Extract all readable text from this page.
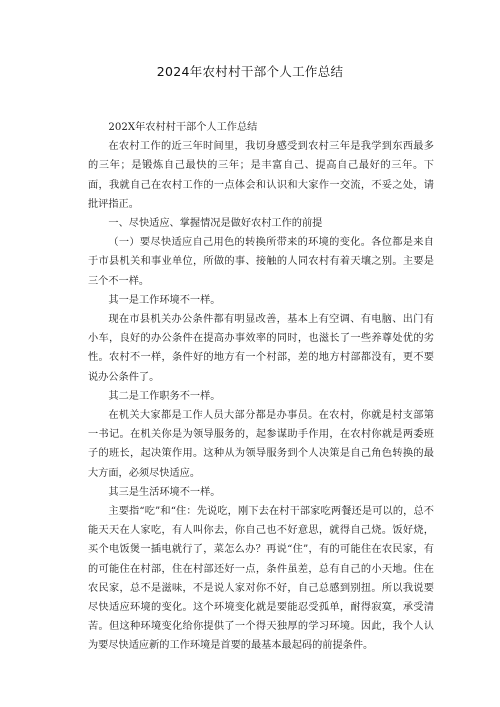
2024年农村村干部个人工作总结

202X年农村村干部个人工作总结

在农村工作的近三年时间里，我切身感受到农村三年是我学到东西最多的三年；是锻炼自己最快的三年；是丰富自己、提高自己最好的三年。下面，我就自己在农村工作的一点体会和认识和大家作一交流，不妥之处，请批评指正。

一、尽快适应、掌握情况是做好农村工作的前提

（一）要尽快适应自己用色的转换所带来的环境的变化。各位都是来自于市县机关和事业单位，所做的事、接触的人同农村有着天壤之别。主要是三个不一样。

其一是工作环境不一样。

现在市县机关办公条件都有明显改善，基本上有空调、有电脑、出门有小车，良好的办公条件在提高办事效率的同时，也滋长了一些养尊处优的劣性。农村不一样，条件好的地方有一个村部，差的地方村部都没有，更不要说办公条件了。

其二是工作职务不一样。

在机关大家都是工作人员大部分都是办事员。在农村，你就是村支部第一书记。在机关你是为领导服务的，起参谋助手作用，在农村你就是两委班子的班长，起决策作用。这种从为领导服务到个人决策是自己角色转换的最大方面，必须尽快适应。

其三是生活环境不一样。

主要指“吃”和“住：先说吃，刚下去在村干部家吃两餐还是可以的，总不能天天在人家吃，有人叫你去，你自己也不好意思，就得自己烧。饭好烧，买个电饭煲一插电就行了，菜怎么办？再说“住”，有的可能住在农民家，有的可能住在村部，住在村部还好一点，条件虽差，总有自己的小天地。住在农民家，总不是滋味，不是说人家对你不好，自己总感到别扭。所以我说要尽快适应环境的变化。这个环境变化就是要能忍受孤单，耐得寂寞，承受清苦。但这种环境变化给你提供了一个得天独厚的学习环境。因此，我个人认为要尽快适应新的工作环境是首要的最基本最起码的前提条件。
